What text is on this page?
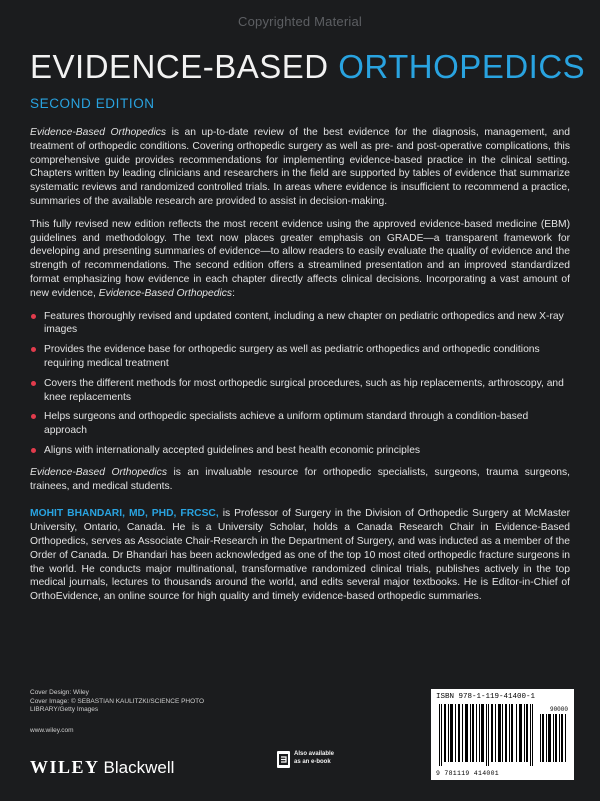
Copyrighted Material
EVIDENCE-BASED ORTHOPEDICS
SECOND EDITION

Evidence-Based Orthopedics is an up-to-date review of the best evidence for the diagnosis, management, and treatment of orthopedic conditions. Covering orthopedic surgery as well as pre- and post-operative complications, this comprehensive guide provides recommendations for implementing evidence-based practice in the clinical setting. Chapters written by leading clinicians and researchers in the field are supported by tables of evidence that summarize systematic reviews and randomized controlled trials. In areas where evidence is insufficient to recommend a practice, summaries of the available research are provided to assist in decision-making.

This fully revised new edition reflects the most recent evidence using the approved evidence-based medicine (EBM) guidelines and methodology. The text now places greater emphasis on GRADE—a transparent framework for developing and presenting summaries of evidence—to allow readers to easily evaluate the quality of evidence and the strength of recommendations. The second edition offers a streamlined presentation and an improved standardized format emphasizing how evidence in each chapter directly affects clinical decisions. Incorporating a vast amount of new evidence, Evidence-Based Orthopedics:

Features thoroughly revised and updated content, including a new chapter on pediatric orthopedics and new X-ray images
Provides the evidence base for orthopedic surgery as well as pediatric orthopedics and orthopedic conditions requiring medical treatment
Covers the different methods for most orthopedic surgical procedures, such as hip replacements, arthroscopy, and knee replacements
Helps surgeons and orthopedic specialists achieve a uniform optimum standard through a condition-based approach
Aligns with internationally accepted guidelines and best health economic principles

Evidence-Based Orthopedics is an invaluable resource for orthopedic specialists, surgeons, trauma surgeons, trainees, and medical students.

MOHIT BHANDARI, MD, PHD, FRCSC, is Professor of Surgery in the Division of Orthopedic Surgery at McMaster University, Ontario, Canada. He is a University Scholar, holds a Canada Research Chair in Evidence-Based Orthopedics, serves as Associate Chair-Research in the Department of Surgery, and was inducted as a member of the Order of Canada. Dr Bhandari has been acknowledged as one of the top 10 most cited orthopedic fracture surgeons in the world. He conducts major multinational, transformative randomized clinical trials, publishes actively in the top medical journals, lectures to thousands around the world, and edits several major textbooks. He is Editor-in-Chief of OrthoEvidence, an online source for high quality and timely evidence-based orthopedic summaries.

Cover Design: Wiley
Cover Image: © SEBASTIAN KAULITZKI/SCIENCE PHOTO LIBRARY/Getty Images
www.wiley.com
WILEY Blackwell
Also available
as an e-book
ISBN 978-1-119-41400-1
90000
9 781119 414001
